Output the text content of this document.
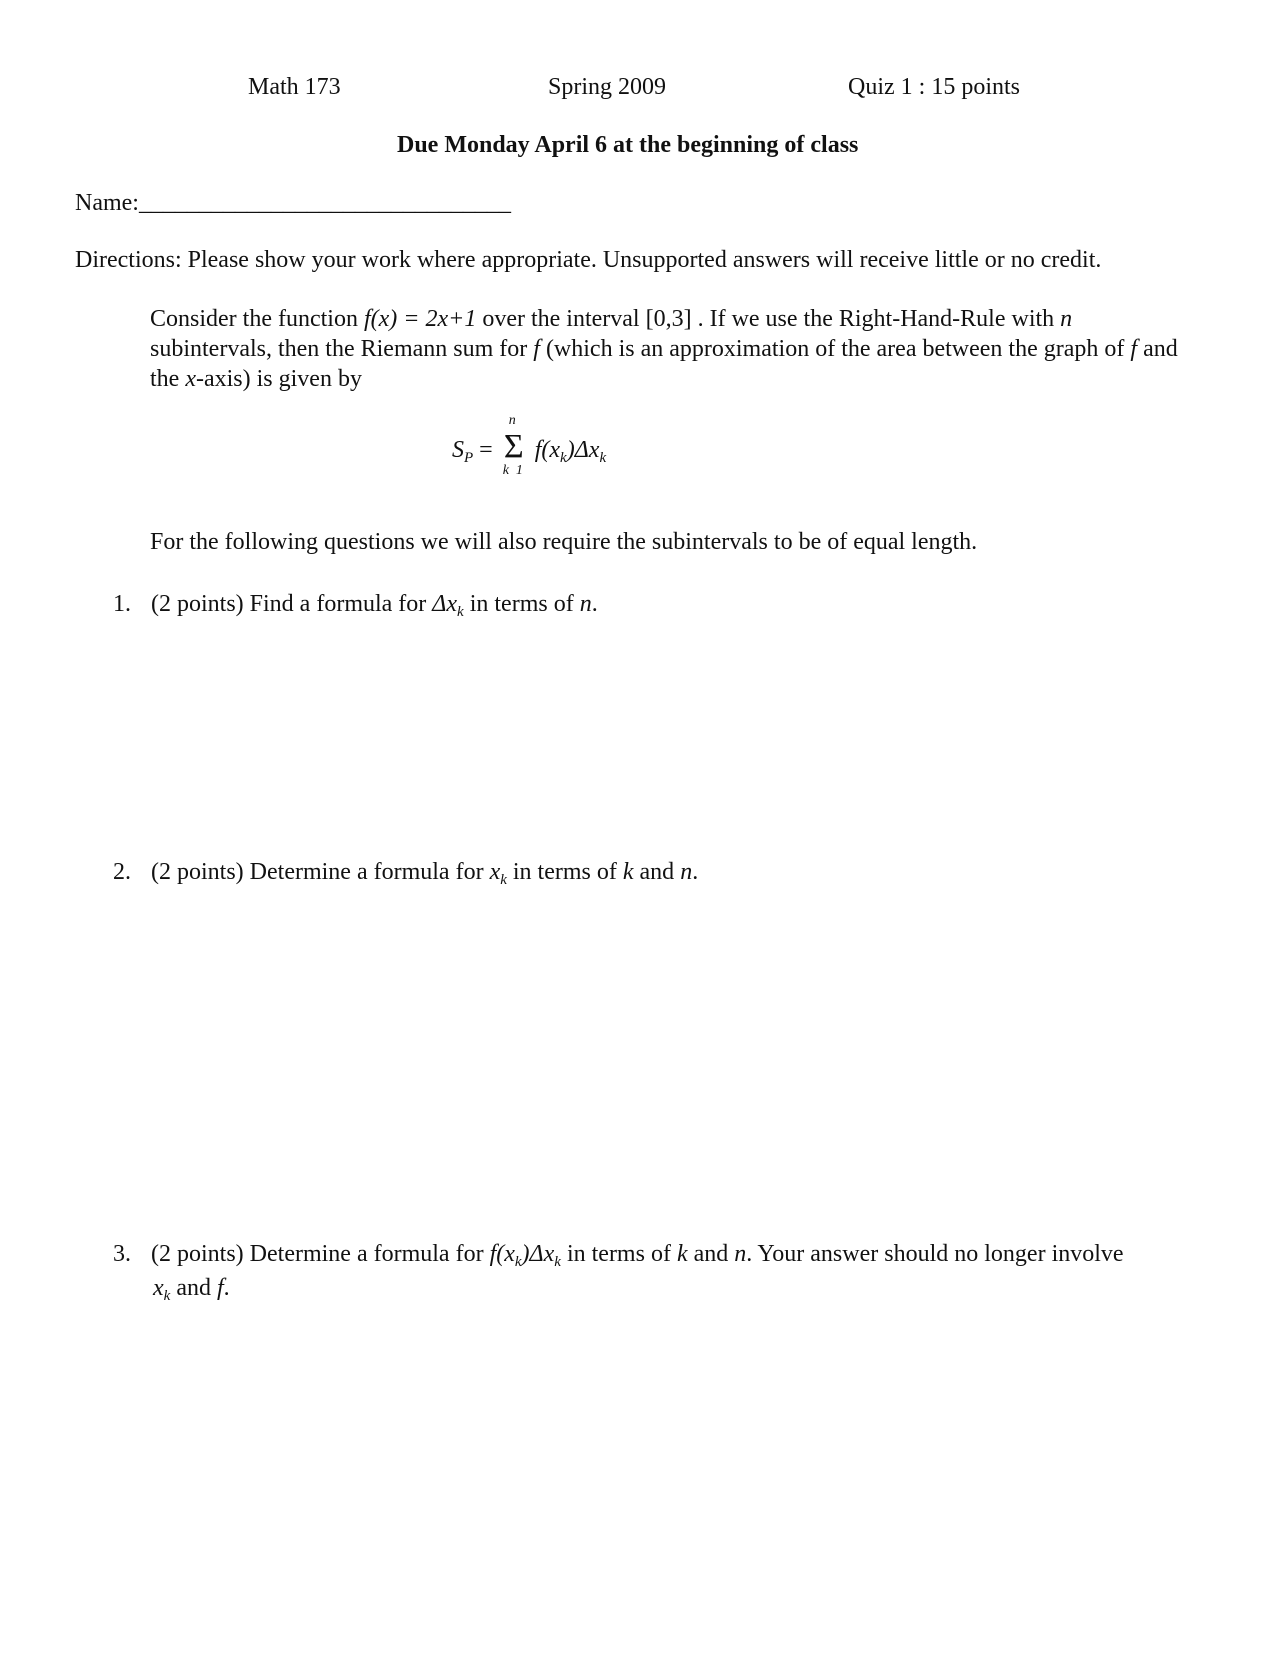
Math 173	Spring 2009	Quiz 1 : 15 points
Due Monday April 6 at the beginning of class
Name:_______________________________
Directions: Please show your work where appropriate. Unsupported answers will receive little or no credit.
Consider the function f(x) = 2x+1 over the interval [0,3] . If we use the Right-Hand-Rule with n subintervals, then the Riemann sum for f (which is an approximation of the area between the graph of f and the x-axis) is given by
$S_P$ =
n
Σ
k  1
$f(x_k)\Delta x_k$
For the following questions we will also require the subintervals to be of equal length.
1. (2 points) Find a formula for $\Delta x_k$ in terms of n.
2. (2 points) Determine a formula for $x_k$ in terms of k and n.
3. (2 points) Determine a formula for $f(x_k)\Delta x_k$ in terms of k and n. Your answer should no longer involve
$x_k$ and f.
